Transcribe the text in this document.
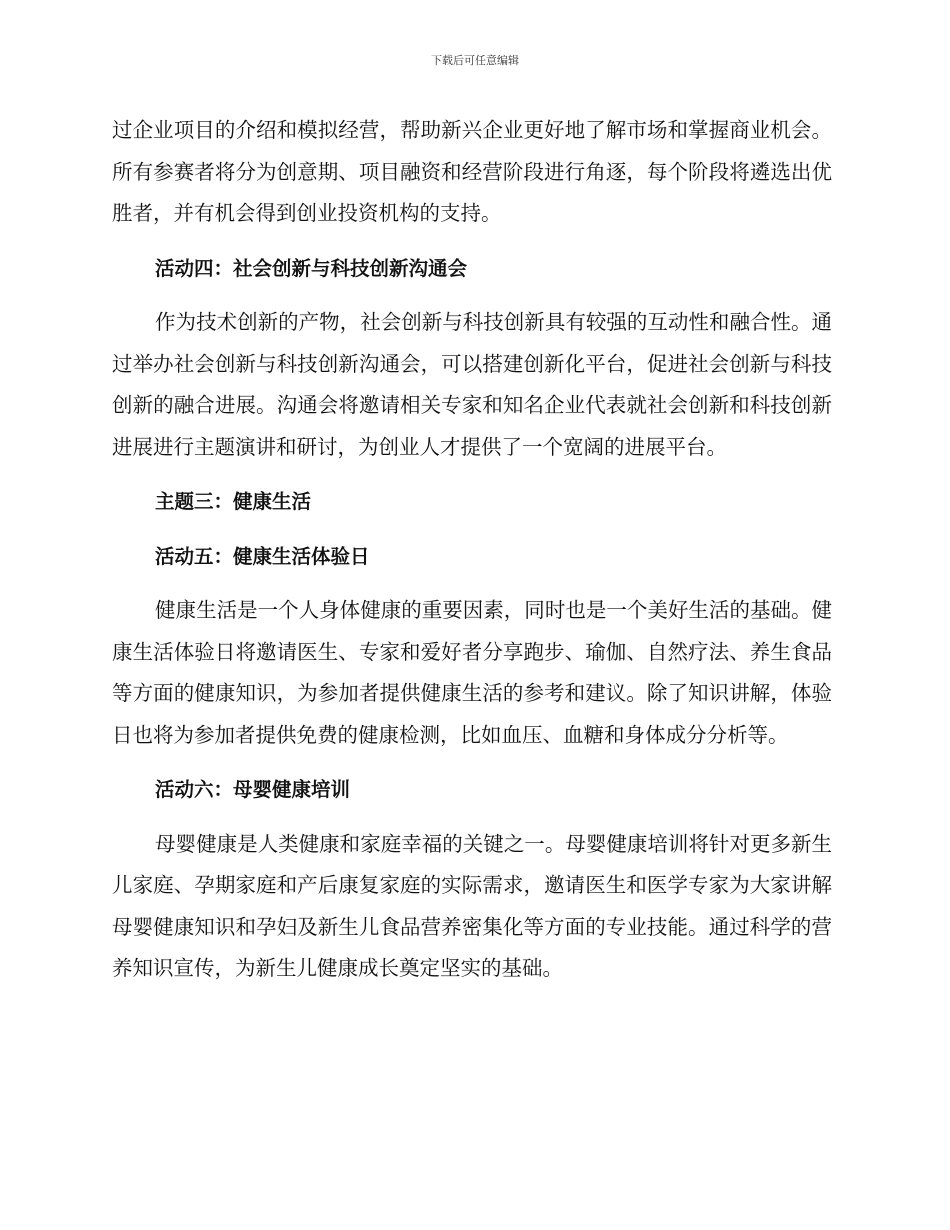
下载后可任意编辑

过企业项目的介绍和模拟经营，帮助新兴企业更好地了解市场和掌握商业机会。所有参赛者将分为创意期、项目融资和经营阶段进行角逐，每个阶段将遴选出优胜者，并有机会得到创业投资机构的支持。

活动四：社会创新与科技创新沟通会

作为技术创新的产物，社会创新与科技创新具有较强的互动性和融合性。通过举办社会创新与科技创新沟通会，可以搭建创新化平台，促进社会创新与科技创新的融合进展。沟通会将邀请相关专家和知名企业代表就社会创新和科技创新进展进行主题演讲和研讨，为创业人才提供了一个宽阔的进展平台。

主题三：健康生活

活动五：健康生活体验日

健康生活是一个人身体健康的重要因素，同时也是一个美好生活的基础。健康生活体验日将邀请医生、专家和爱好者分享跑步、瑜伽、自然疗法、养生食品等方面的健康知识，为参加者提供健康生活的参考和建议。除了知识讲解，体验日也将为参加者提供免费的健康检测，比如血压、血糖和身体成分分析等。

活动六：母婴健康培训

母婴健康是人类健康和家庭幸福的关键之一。母婴健康培训将针对更多新生儿家庭、孕期家庭和产后康复家庭的实际需求，邀请医生和医学专家为大家讲解母婴健康知识和孕妇及新生儿食品营养密集化等方面的专业技能。通过科学的营养知识宣传，为新生儿健康成长奠定坚实的基础。
